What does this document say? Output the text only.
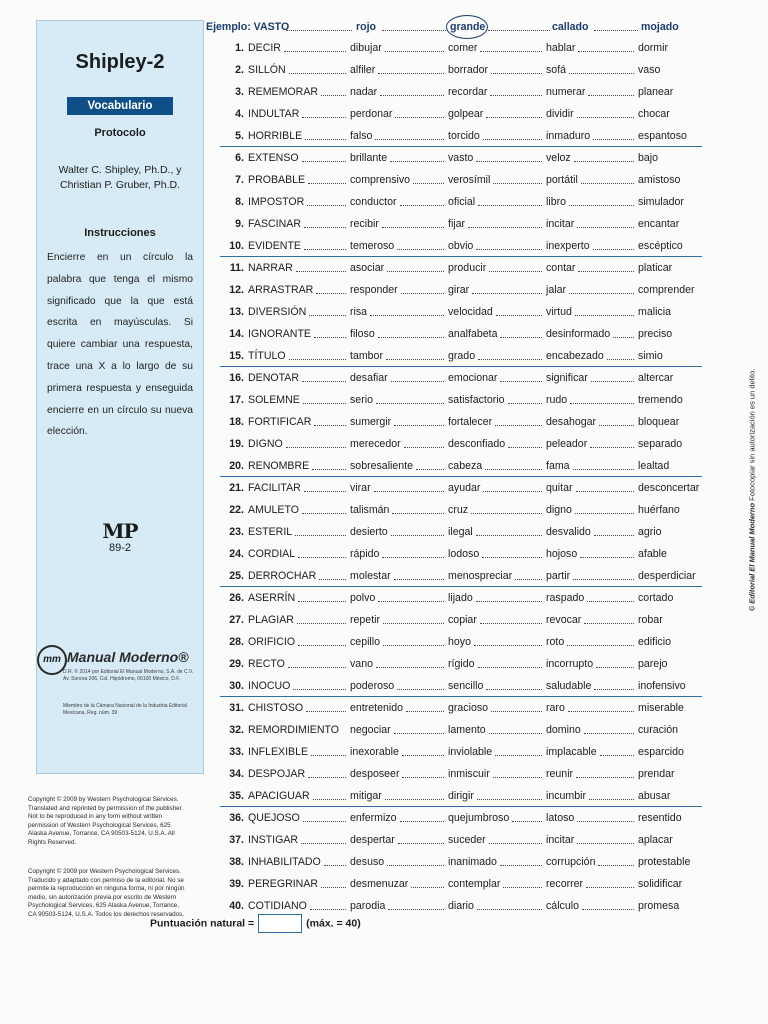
Shipley-2
Vocabulario
Protocolo
Walter C. Shipley, Ph.D., y
Christian P. Gruber, Ph.D.
Instrucciones
Encierre en un círculo la palabra que tenga el mismo significado que la que está escrita en mayúsculas. Si quiere cambiar una respuesta, trace una X a lo largo de su primera respuesta y enseguida encierre en un círculo su nueva elección.
MP
89-2
mm Manual Moderno®
D.R. © 2014 por Editorial El Manual Moderno, S.A. de C.V. Av. Sonora 206, Col. Hipódromo, 06100 México, D.F.
Miembro de la Cámara Nacional de la Industria Editorial Mexicana, Reg. núm. 39
Copyright © 2009 by Western Psychological Services. Translated and reprinted by permission of the publisher. Not to be reproduced in any form without written permission of Western Psychological Services, 625 Alaska Avenue, Torrance, CA 90503-5124, U.S.A. All Rights Reserved.
Copyright © 2009 por Western Psychological Services. Traducido y adaptado con permiso de la editorial. No se permite la reproducción en ninguna forma, ni por ningún medio, sin autorización previa por escrito de Western Psychological Services, 625 Alaska Avenue, Torrance, CA 90503-5124, U.S.A. Todos los derechos reservados.
© Editorial El Manual Moderno Fotocopiar sin autorización es un delito.
Ejemplo: VASTO	rojo	grande	callado	mojado
1. DECIR	dibujar	comer	hablar	dormir
2. SILLÓN	alfiler	borrador	sofá	vaso
3. REMEMORAR	nadar	recordar	numerar	planear
4. INDULTAR	perdonar	golpear	dividir	chocar
5. HORRIBLE	falso	torcido	inmaduro	espantoso
6. EXTENSO	brillante	vasto	veloz	bajo
7. PROBABLE	comprensivo	verosímil	portátil	amistoso
8. IMPOSTOR	conductor	oficial	libro	simulador
9. FASCINAR	recibir	fijar	incitar	encantar
10. EVIDENTE	temeroso	obvio	inexperto	escéptico
11. NARRAR	asociar	producir	contar	platicar
12. ARRASTRAR	responder	girar	jalar	comprender
13. DIVERSIÓN	risa	velocidad	virtud	malicia
14. IGNORANTE	filoso	analfabeta	desinformado	preciso
15. TÍTULO	tambor	grado	encabezado	simio
16. DENOTAR	desafiar	emocionar	significar	altercar
17. SOLEMNE	serio	satisfactorio	rudo	tremendo
18. FORTIFICAR	sumergir	fortalecer	desahogar	bloquear
19. DIGNO	merecedor	desconfiado	peleador	separado
20. RENOMBRE	sobresaliente	cabeza	fama	lealtad
21. FACILITAR	virar	ayudar	quitar	desconcertar
22. AMULETO	talismán	cruz	digno	huérfano
23. ESTERIL	desierto	ilegal	desvalido	agrio
24. CORDIAL	rápido	lodoso	hojoso	afable
25. DERROCHAR	molestar	menospreciar	partir	desperdiciar
26. ASERRÍN	polvo	lijado	raspado	cortado
27. PLAGIAR	repetir	copiar	revocar	robar
28. ORIFICIO	cepillo	hoyo	roto	edificio
29. RECTO	vano	rígido	incorrupto	parejo
30. INOCUO	poderoso	sencillo	saludable	inofensivo
31. CHISTOSO	entretenido	gracioso	raro	miserable
32. REMORDIMIENTO negociar	lamento	domino	curación
33. INFLEXIBLE	inexorable	inviolable	implacable	esparcido
34. DESPOJAR	desposeer	inmiscuir	reunir	prendar
35. APACIGUAR	mitigar	dirigir	incumbir	abusar
36. QUEJOSO	enfermizo	quejumbroso	latoso	resentido
37. INSTIGAR	despertar	suceder	incitar	aplacar
38. INHABILITADO	desuso	inanimado	corrupción	protestable
39. PEREGRINAR	desmenuzar	contemplar	recorrer	solidificar
40. COTIDIANO	parodia	diario	cálculo	promesa
Puntuación natural =	(máx. = 40)
